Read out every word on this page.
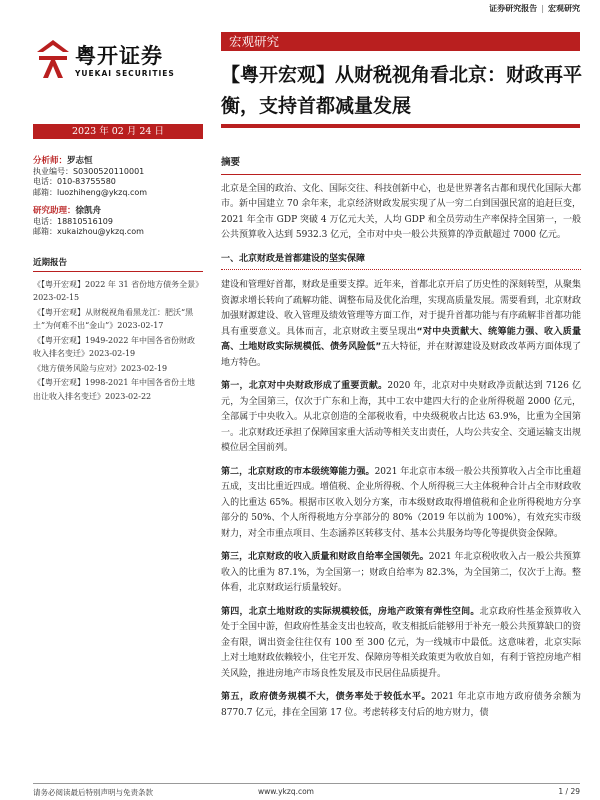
证券研究报告 | 宏观研究
粤开证券
YUEKAI SECURITIES
宏观研究
【粤开宏观】从财税视角看北京：财政再平衡，支持首都减量发展
2023 年 02 月 24 日
分析师：罗志恒
执业编号：S0300520110001
电话：010-83755580
邮箱：luozhiheng@ykzq.com
研究助理：徐凯舟
电话：18810516109
邮箱：xukaizhou@ykzq.com
近期报告
《【粤开宏观】2022 年 31 省份地方债务全景》2023-02-15
《【粤开宏观】从财税视角看黑龙江：肥沃“黑土”为何难不出“金山”》2023-02-17
《【粤开宏观】1949-2022 年中国各省份财政收入排名变迁》2023-02-19
《地方债务风险与应对》2023-02-19
《【粤开宏观】1998-2021 年中国各省份土地出让收入排名变迁》2023-02-22
摘要

北京是全国的政治、文化、国际交往、科技创新中心，也是世界著名古都和现代化国际大都市。新中国建立 70 余年来，北京经济财政发展实现了从一穷二白到国强民富的追赶巨变，2021 年全市 GDP 突破 4 万亿元大关，人均 GDP 和全员劳动生产率保持全国第一，一般公共预算收入达到 5932.3 亿元，全市对中央一般公共预算的净贡献超过 7000 亿元。

一、北京财政是首都建设的坚实保障

建设和管理好首都，财政是重要支撑。近年来，首都北京开启了历史性的深刻转型，从聚集资源求增长转向了疏解功能、调整布局及优化治理，实现高质量发展。需要看到，北京财政加强财源建设、收入管理及绩效管理等方面工作，对于提升首都功能与有序疏解非首都功能具有重要意义。具体而言，北京财政主要呈现出“对中央贡献大、统筹能力强、收入质量高、土地财政实际规模低、债务风险低”五大特征，并在财源建设及财政改革两方面体现了地方特色。

第一，北京对中央财政形成了重要贡献。2020 年，北京对中央财政净贡献达到 7126 亿元，为全国第三，仅次于广东和上海，其中工农中建四大行的企业所得税超 2000 亿元，全部属于中央收入。从北京创造的全部税收看，中央级税收占比达 63.9%，比重为全国第一。北京财政还承担了保障国家重大活动等相关支出责任，人均公共安全、交通运输支出规模位居全国前列。

第二，北京财政的市本级统筹能力强。2021 年北京市本级一般公共预算收入占全市比重超五成，支出比重近四成。增值税、企业所得税、个人所得税三大主体税种合计占全市财政收入的比重达 65%。根据市区收入划分方案，市本级财政取得增值税和企业所得税地方分享部分的 50%、个人所得税地方分享部分的 80%（2019 年以前为 100%），有效充实市级财力，对全市重点项目、生态涵养区转移支付、基本公共服务均等化等提供资金保障。

第三，北京财政的收入质量和财政自给率全国领先。2021 年北京税收收入占一般公共预算收入的比重为 87.1%，为全国第一；财政自给率为 82.3%，为全国第二，仅次于上海。整体看，北京财政运行质量较好。

第四，北京土地财政的实际规模较低，房地产政策有弹性空间。北京政府性基金预算收入处于全国中游，但政府性基金支出也较高，收支相抵后能够用于补充一般公共预算缺口的资金有限，调出资金往往仅有 100 至 300 亿元，为一线城市中最低。这意味着，北京实际上对土地财政依赖较小，住宅开发、保障房等相关政策更为收放自如，有利于管控房地产相关风险，推进房地产市场良性发展及市民居住品质提升。

第五，政府债务规模不大，债务率处于较低水平。2021 年北京市地方政府债务余额为 8770.7 亿元，排在全国第 17 位。考虑转移支付后的地方财力，债

请务必阅读最后特别声明与免责条款	www.ykzq.com	1 / 29
